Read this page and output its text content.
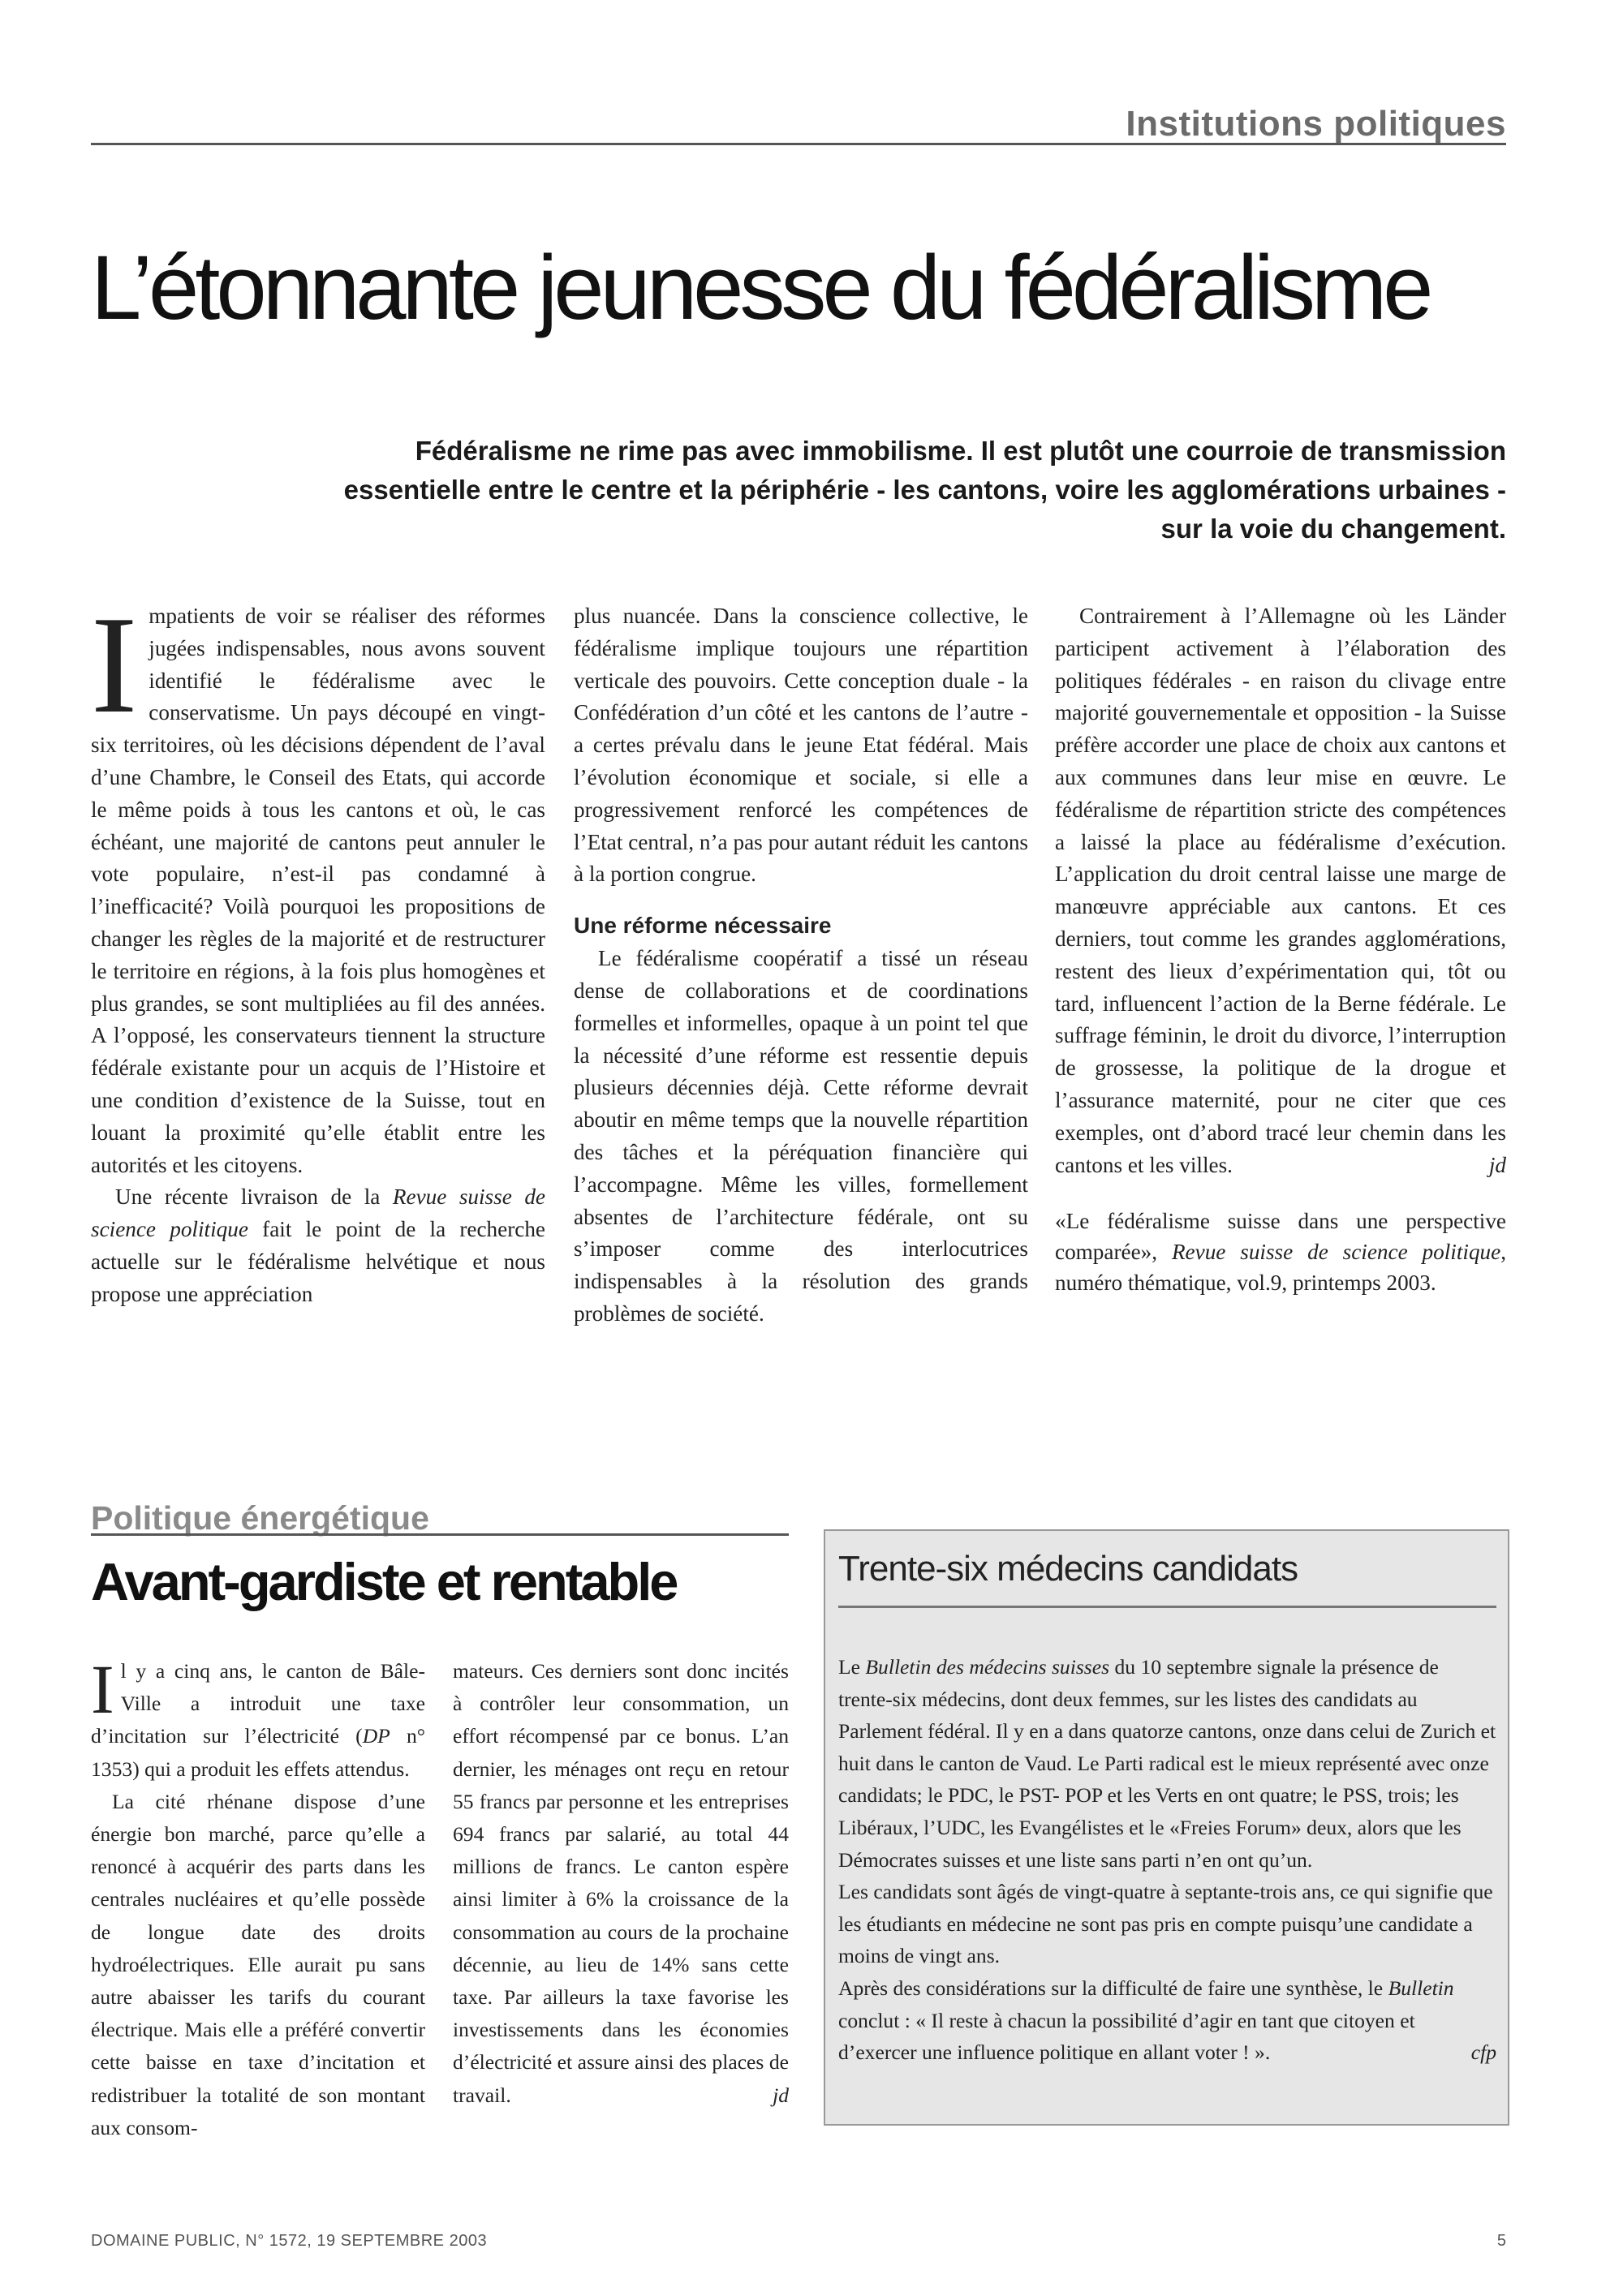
Institutions politiques
L’étonnante jeunesse du fédéralisme
Fédéralisme ne rime pas avec immobilisme. Il est plutôt une courroie de transmission essentielle entre le centre et la périphérie - les cantons, voire les agglomérations urbaines - sur la voie du changement.

Impatients de voir se réaliser des réformes jugées indispensables, nous avons souvent identifié le fédéralisme avec le conservatisme. Un pays découpé en vingt-six territoires, où les décisions dépendent de l’aval d’une Chambre, le Conseil des Etats, qui accorde le même poids à tous les cantons et où, le cas échéant, une majorité de cantons peut annuler le vote populaire, n’est-il pas condamné à l’inefficacité? Voilà pourquoi les propositions de changer les règles de la majorité et de restructurer le territoire en régions, à la fois plus homogènes et plus grandes, se sont multipliées au fil des années. A l’opposé, les conservateurs tiennent la structure fédérale existante pour un acquis de l’Histoire et une condition d’existence de la Suisse, tout en louant la proximité qu’elle établit entre les autorités et les citoyens.

Une récente livraison de la Revue suisse de science politique fait le point de la recherche actuelle sur le fédéralisme helvétique et nous propose une appréciation

plus nuancée. Dans la conscience collective, le fédéralisme implique toujours une répartition verticale des pouvoirs. Cette conception duale - la Confédération d’un côté et les cantons de l’autre - a certes prévalu dans le jeune Etat fédéral. Mais l’évolution économique et sociale, si elle a progressivement renforcé les compétences de l’Etat central, n’a pas pour autant réduit les cantons à la portion congrue.

Une réforme nécessaire

Le fédéralisme coopératif a tissé un réseau dense de collaborations et de coordinations formelles et informelles, opaque à un point tel que la nécessité d’une réforme est ressentie depuis plusieurs décennies déjà. Cette réforme devrait aboutir en même temps que la nouvelle répartition des tâches et la péréquation financière qui l’accompagne. Même les villes, formellement absentes de l’architecture fédérale, ont su s’imposer comme des interlocutrices indispensables à la résolution des grands problèmes de société.

Contrairement à l’Allemagne où les Länder participent activement à l’élaboration des politiques fédérales - en raison du clivage entre majorité gouvernementale et opposition - la Suisse préfère accorder une place de choix aux cantons et aux communes dans leur mise en œuvre. Le fédéralisme de répartition stricte des compétences a laissé la place au fédéralisme d’exécution. L’application du droit central laisse une marge de manœuvre appréciable aux cantons. Et ces derniers, tout comme les grandes agglomérations, restent des lieux d’expérimentation qui, tôt ou tard, influencent l’action de la Berne fédérale. Le suffrage féminin, le droit du divorce, l’interruption de grossesse, la politique de la drogue et l’assurance maternité, pour ne citer que ces exemples, ont d’abord tracé leur chemin dans les cantons et les villes.	jd

«Le fédéralisme suisse dans une perspective comparée», Revue suisse de science politique, numéro thématique, vol.9, printemps 2003.

Politique énergétique
Avant-gardiste et rentable

Il y a cinq ans, le canton de Bâle-Ville a introduit une taxe d’incitation sur l’électricité (DP n° 1353) qui a produit les effets attendus.

La cité rhénane dispose d’une énergie bon marché, parce qu’elle a renoncé à acquérir des parts dans les centrales nucléaires et qu’elle possède de longue date des droits hydroélectriques. Elle aurait pu sans autre abaisser les tarifs du courant électrique. Mais elle a préféré convertir cette baisse en taxe d’incitation et redistribuer la totalité de son montant aux consom-

mateurs. Ces derniers sont donc incités à contrôler leur consommation, un effort récompensé par ce bonus. L’an dernier, les ménages ont reçu en retour 55 francs par personne et les entreprises 694 francs par salarié, au total 44 millions de francs. Le canton espère ainsi limiter à 6% la croissance de la consommation au cours de la prochaine décennie, au lieu de 14% sans cette taxe. Par ailleurs la taxe favorise les investissements dans les économies d’électricité et assure ainsi des places de travail.	jd

Trente-six médecins candidats

Le Bulletin des médecins suisses du 10 septembre signale la présence de trente-six médecins, dont deux femmes, sur les listes des candidats au Parlement fédéral. Il y en a dans quatorze cantons, onze dans celui de Zurich et huit dans le canton de Vaud. Le Parti radical est le mieux représenté avec onze candidats; le PDC, le PST- POP et les Verts en ont quatre; le PSS, trois; les Libéraux, l’UDC, les Evangélistes et le «Freies Forum» deux, alors que les Démocrates suisses et une liste sans parti n’en ont qu’un.

Les candidats sont âgés de vingt-quatre à septante-trois ans, ce qui signifie que les étudiants en médecine ne sont pas pris en compte puisqu’une candidate a moins de vingt ans.

Après des considérations sur la difficulté de faire une synthèse, le Bulletin conclut : « Il reste à chacun la possibilité d’agir en tant que citoyen et d’exercer une influence politique en allant voter ! ».	cfp

DOMAINE PUBLIC, N° 1572, 19 SEPTEMBRE 2003	5
